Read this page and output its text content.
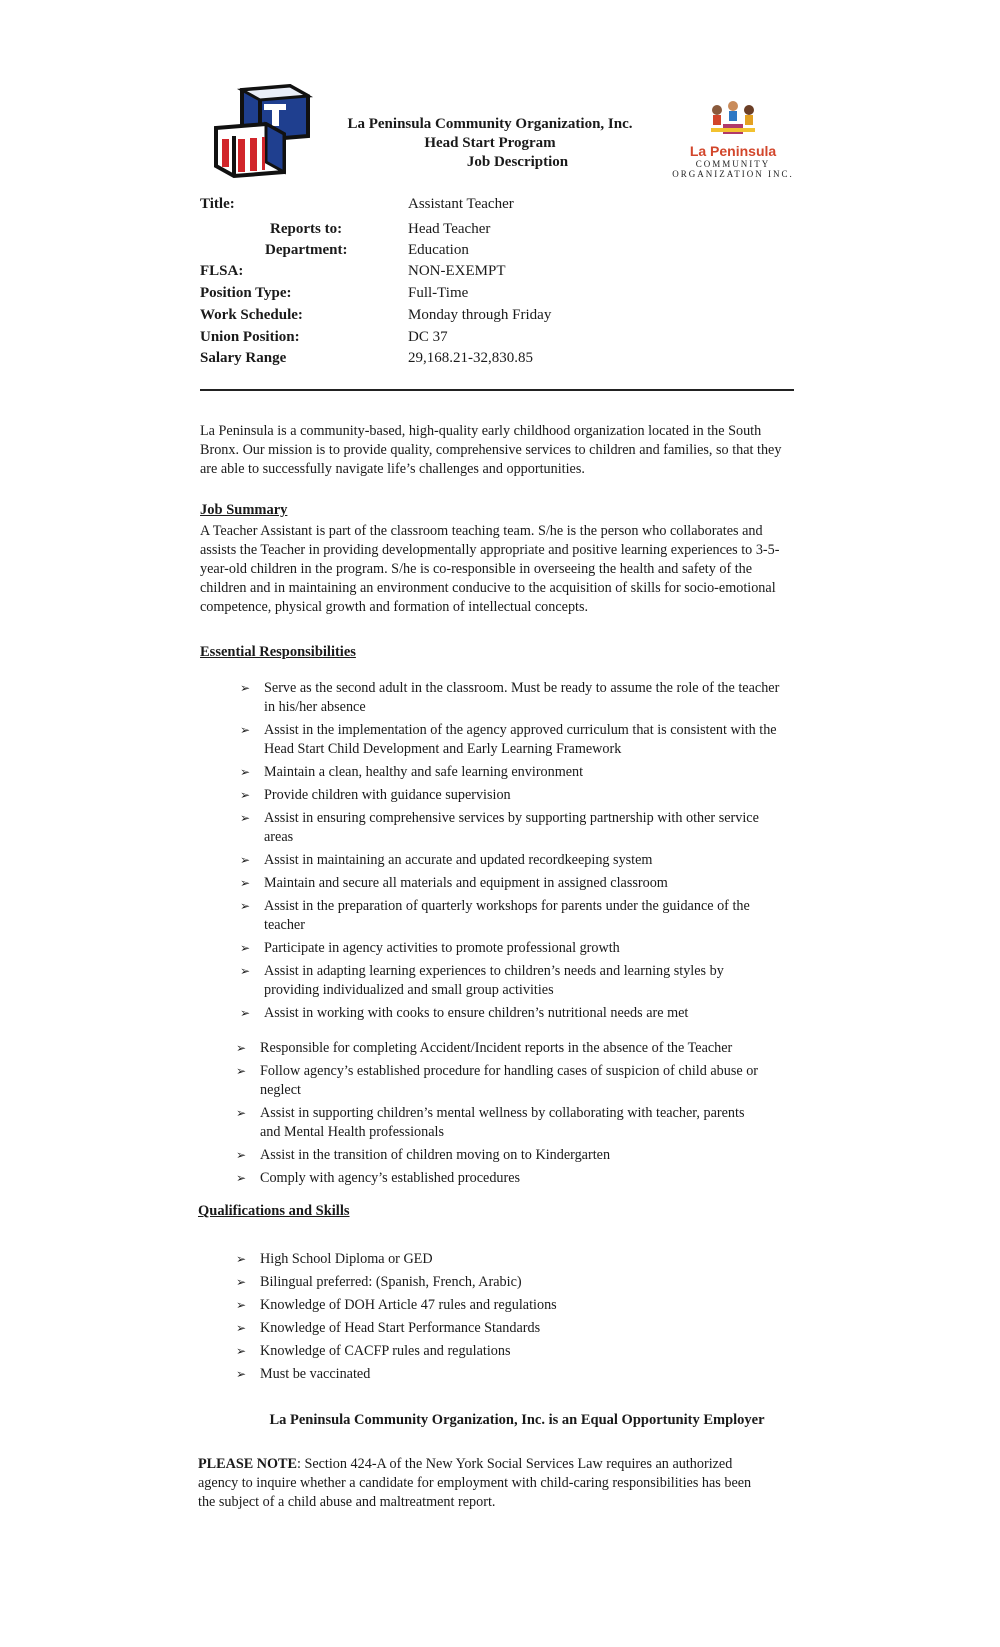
La Peninsula Community Organization, Inc.
Head Start Program
Job Description
La Peninsula
COMMUNITY
ORGANIZATION INC.
Title:	Assistant Teacher
Reports to:	Head Teacher
Department:	Education
FLSA:	NON-EXEMPT
Position Type:	Full-Time
Work Schedule:	Monday through Friday
Union Position:	DC 37
Salary Range	29,168.21-32,830.85
La Peninsula is a community-based, high-quality early childhood organization located in the South Bronx. Our mission is to provide quality, comprehensive services to children and families, so that they are able to successfully navigate life’s challenges and opportunities.
Job Summary
A Teacher Assistant is part of the classroom teaching team. S/he is the person who collaborates and assists the Teacher in providing developmentally appropriate and positive learning experiences to 3-5-year-old children in the program. S/he is co-responsible in overseeing the health and safety of the children and in maintaining an environment conducive to the acquisition of skills for socio-emotional competence, physical growth and formation of intellectual concepts.
Essential Responsibilities
➢ Serve as the second adult in the classroom. Must be ready to assume the role of the teacher in his/her absence
➢ Assist in the implementation of the agency approved curriculum that is consistent with the Head Start Child Development and Early Learning Framework
➢ Maintain a clean, healthy and safe learning environment
➢ Provide children with guidance supervision
➢ Assist in ensuring comprehensive services by supporting partnership with other service areas
➢ Assist in maintaining an accurate and updated recordkeeping system
➢ Maintain and secure all materials and equipment in assigned classroom
➢ Assist in the preparation of quarterly workshops for parents under the guidance of the teacher
➢ Participate in agency activities to promote professional growth
➢ Assist in adapting learning experiences to children’s needs and learning styles by providing individualized and small group activities
➢ Assist in working with cooks to ensure children’s nutritional needs are met
➢ Responsible for completing Accident/Incident reports in the absence of the Teacher
➢ Follow agency’s established procedure for handling cases of suspicion of child abuse or neglect
➢ Assist in supporting children’s mental wellness by collaborating with teacher, parents and Mental Health professionals
➢ Assist in the transition of children moving on to Kindergarten
➢ Comply with agency’s established procedures
Qualifications and Skills
➢ High School Diploma or GED
➢ Bilingual preferred: (Spanish, French, Arabic)
➢ Knowledge of DOH Article 47 rules and regulations
➢ Knowledge of Head Start Performance Standards
➢ Knowledge of CACFP rules and regulations
➢ Must be vaccinated
La Peninsula Community Organization, Inc. is an Equal Opportunity Employer
PLEASE NOTE: Section 424-A of the New York Social Services Law requires an authorized agency to inquire whether a candidate for employment with child-caring responsibilities has been the subject of a child abuse and maltreatment report.
